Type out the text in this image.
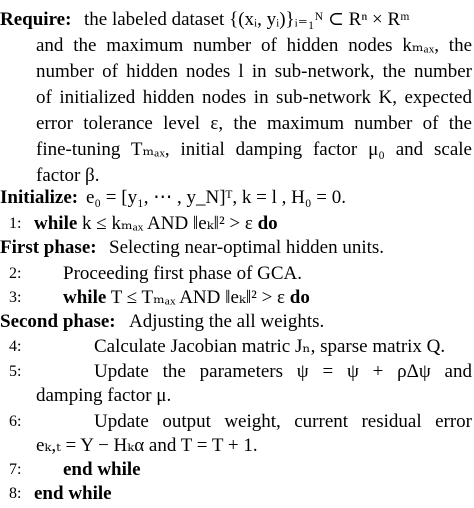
Require: the labeled dataset {(xᵢ, yᵢ)}ᵢ₌₁ᴺ ⊂ Rⁿ × Rᵐ
and the maximum number of hidden nodes kₘₐₓ, the
number of hidden nodes l in sub-network, the number
of initialized hidden nodes in sub-network K, expected
error tolerance level ε, the maximum number of the
fine-tuning Tₘₐₓ, initial damping factor μ₀ and scale
factor β.
Initialize: e₀ = [y₁, ⋯ , y_N]ᵀ, k = l , H₀ = 0.
1: while k ≤ kₘₐₓ AND ‖eₖ‖² > ε do
First phase: Selecting near-optimal hidden units.
2: Proceeding first phase of GCA.
3: while T ≤ Tₘₐₓ AND ‖eₖ‖² > ε do
Second phase: Adjusting the all weights.
4:	Calculate Jacobian matric Jₙ, sparse matrix Q.
5:	Update the parameters ψ = ψ + ρΔψ and
damping factor μ.
6:	Update output weight, current residual error
eₖ,ₜ = Y − Hₖα and T = T + 1.
7: end while
8: end while
